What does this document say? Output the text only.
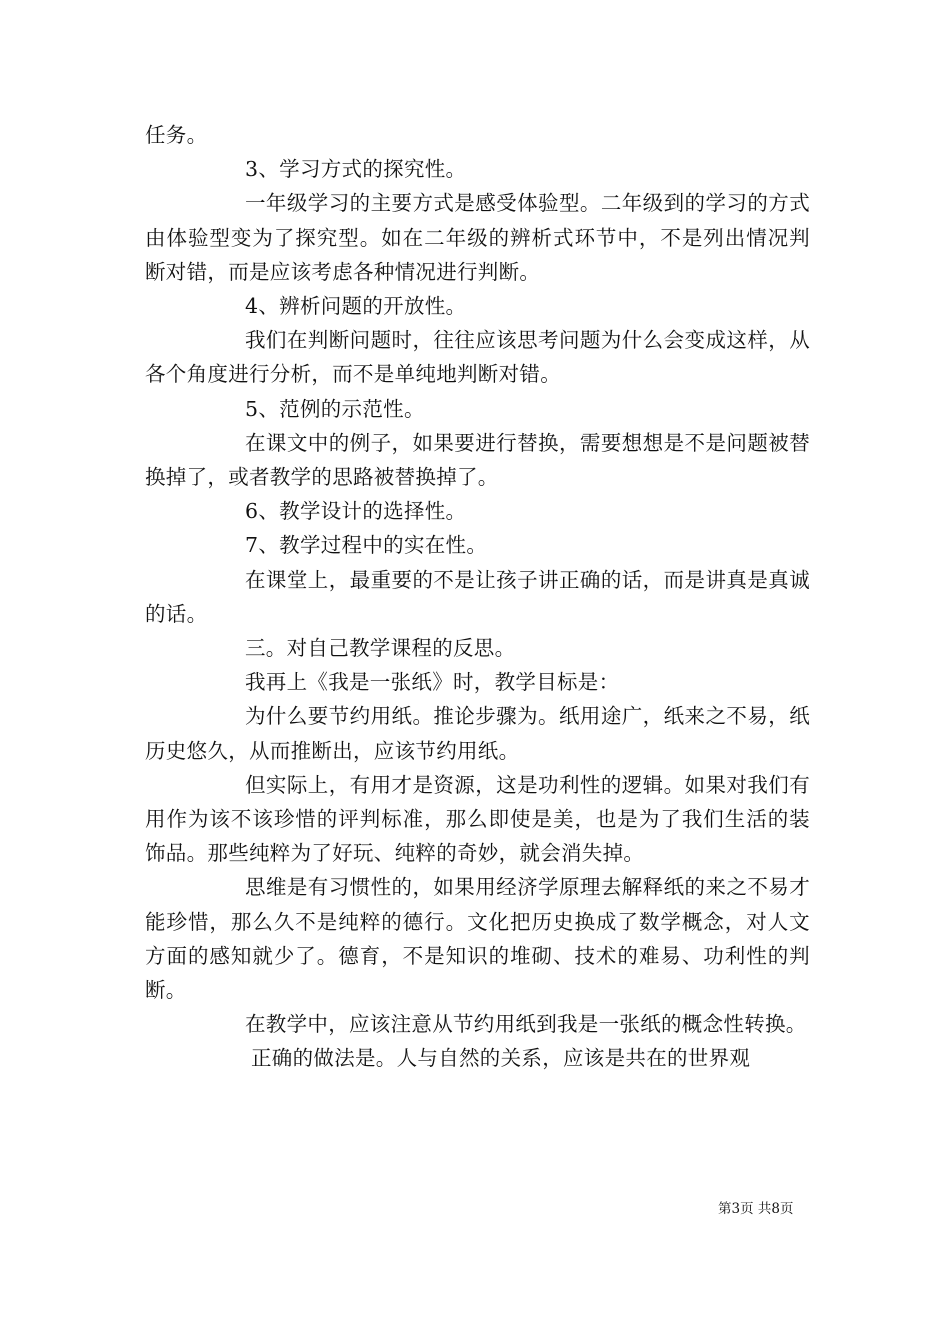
任务。

3、学习方式的探究性。

一年级学习的主要方式是感受体验型。二年级到的学习的方式由体验型变为了探究型。如在二年级的辨析式环节中，不是列出情况判断对错，而是应该考虑各种情况进行判断。

4、辨析问题的开放性。

我们在判断问题时，往往应该思考问题为什么会变成这样，从各个角度进行分析，而不是单纯地判断对错。

5、范例的示范性。

在课文中的例子，如果要进行替换，需要想想是不是问题被替换掉了，或者教学的思路被替换掉了。

6、教学设计的选择性。

7、教学过程中的实在性。

在课堂上，最重要的不是让孩子讲正确的话，而是讲真是真诚的话。

三。对自己教学课程的反思。

我再上《我是一张纸》时，教学目标是：

为什么要节约用纸。推论步骤为。纸用途广，纸来之不易，纸历史悠久，从而推断出，应该节约用纸。

但实际上，有用才是资源，这是功利性的逻辑。如果对我们有用作为该不该珍惜的评判标准，那么即使是美，也是为了我们生活的装饰品。那些纯粹为了好玩、纯粹的奇妙，就会消失掉。

思维是有习惯性的，如果用经济学原理去解释纸的来之不易才能珍惜，那么久不是纯粹的德行。文化把历史换成了数学概念，对人文方面的感知就少了。德育，不是知识的堆砌、技术的难易、功利性的判断。

在教学中，应该注意从节约用纸到我是一张纸的概念性转换。

正确的做法是。人与自然的关系，应该是共在的世界观

第3页 共8页
